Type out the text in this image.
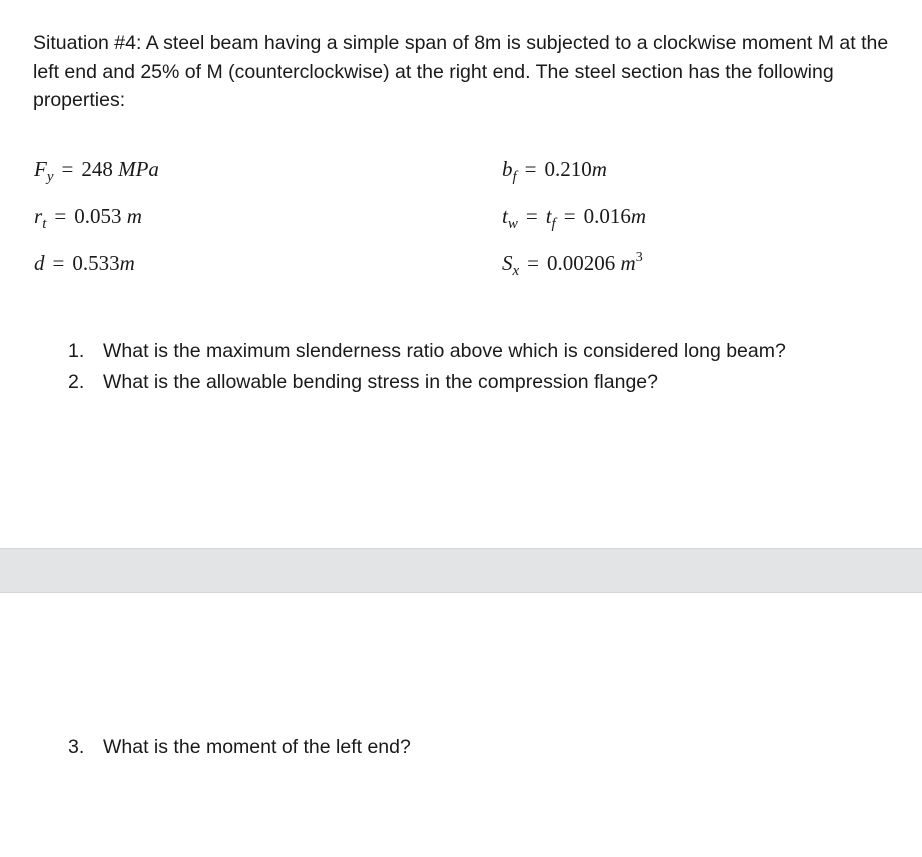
Situation #4: A steel beam having a simple span of 8m is subjected to a clockwise moment M at the left end and 25% of M (counterclockwise) at the right end. The steel section has the following properties:

$F_y = 248$ MPa
$r_t = 0.053$ m
d = 0.533m
$b_f = 0.210m$
$t_w = t_f = 0.016m$
$S_x = 0.00206$ $m^3$
1. What is the maximum slenderness ratio above which is considered long beam?
2. What is the allowable bending stress in the compression flange?
3. What is the moment of the left end?
